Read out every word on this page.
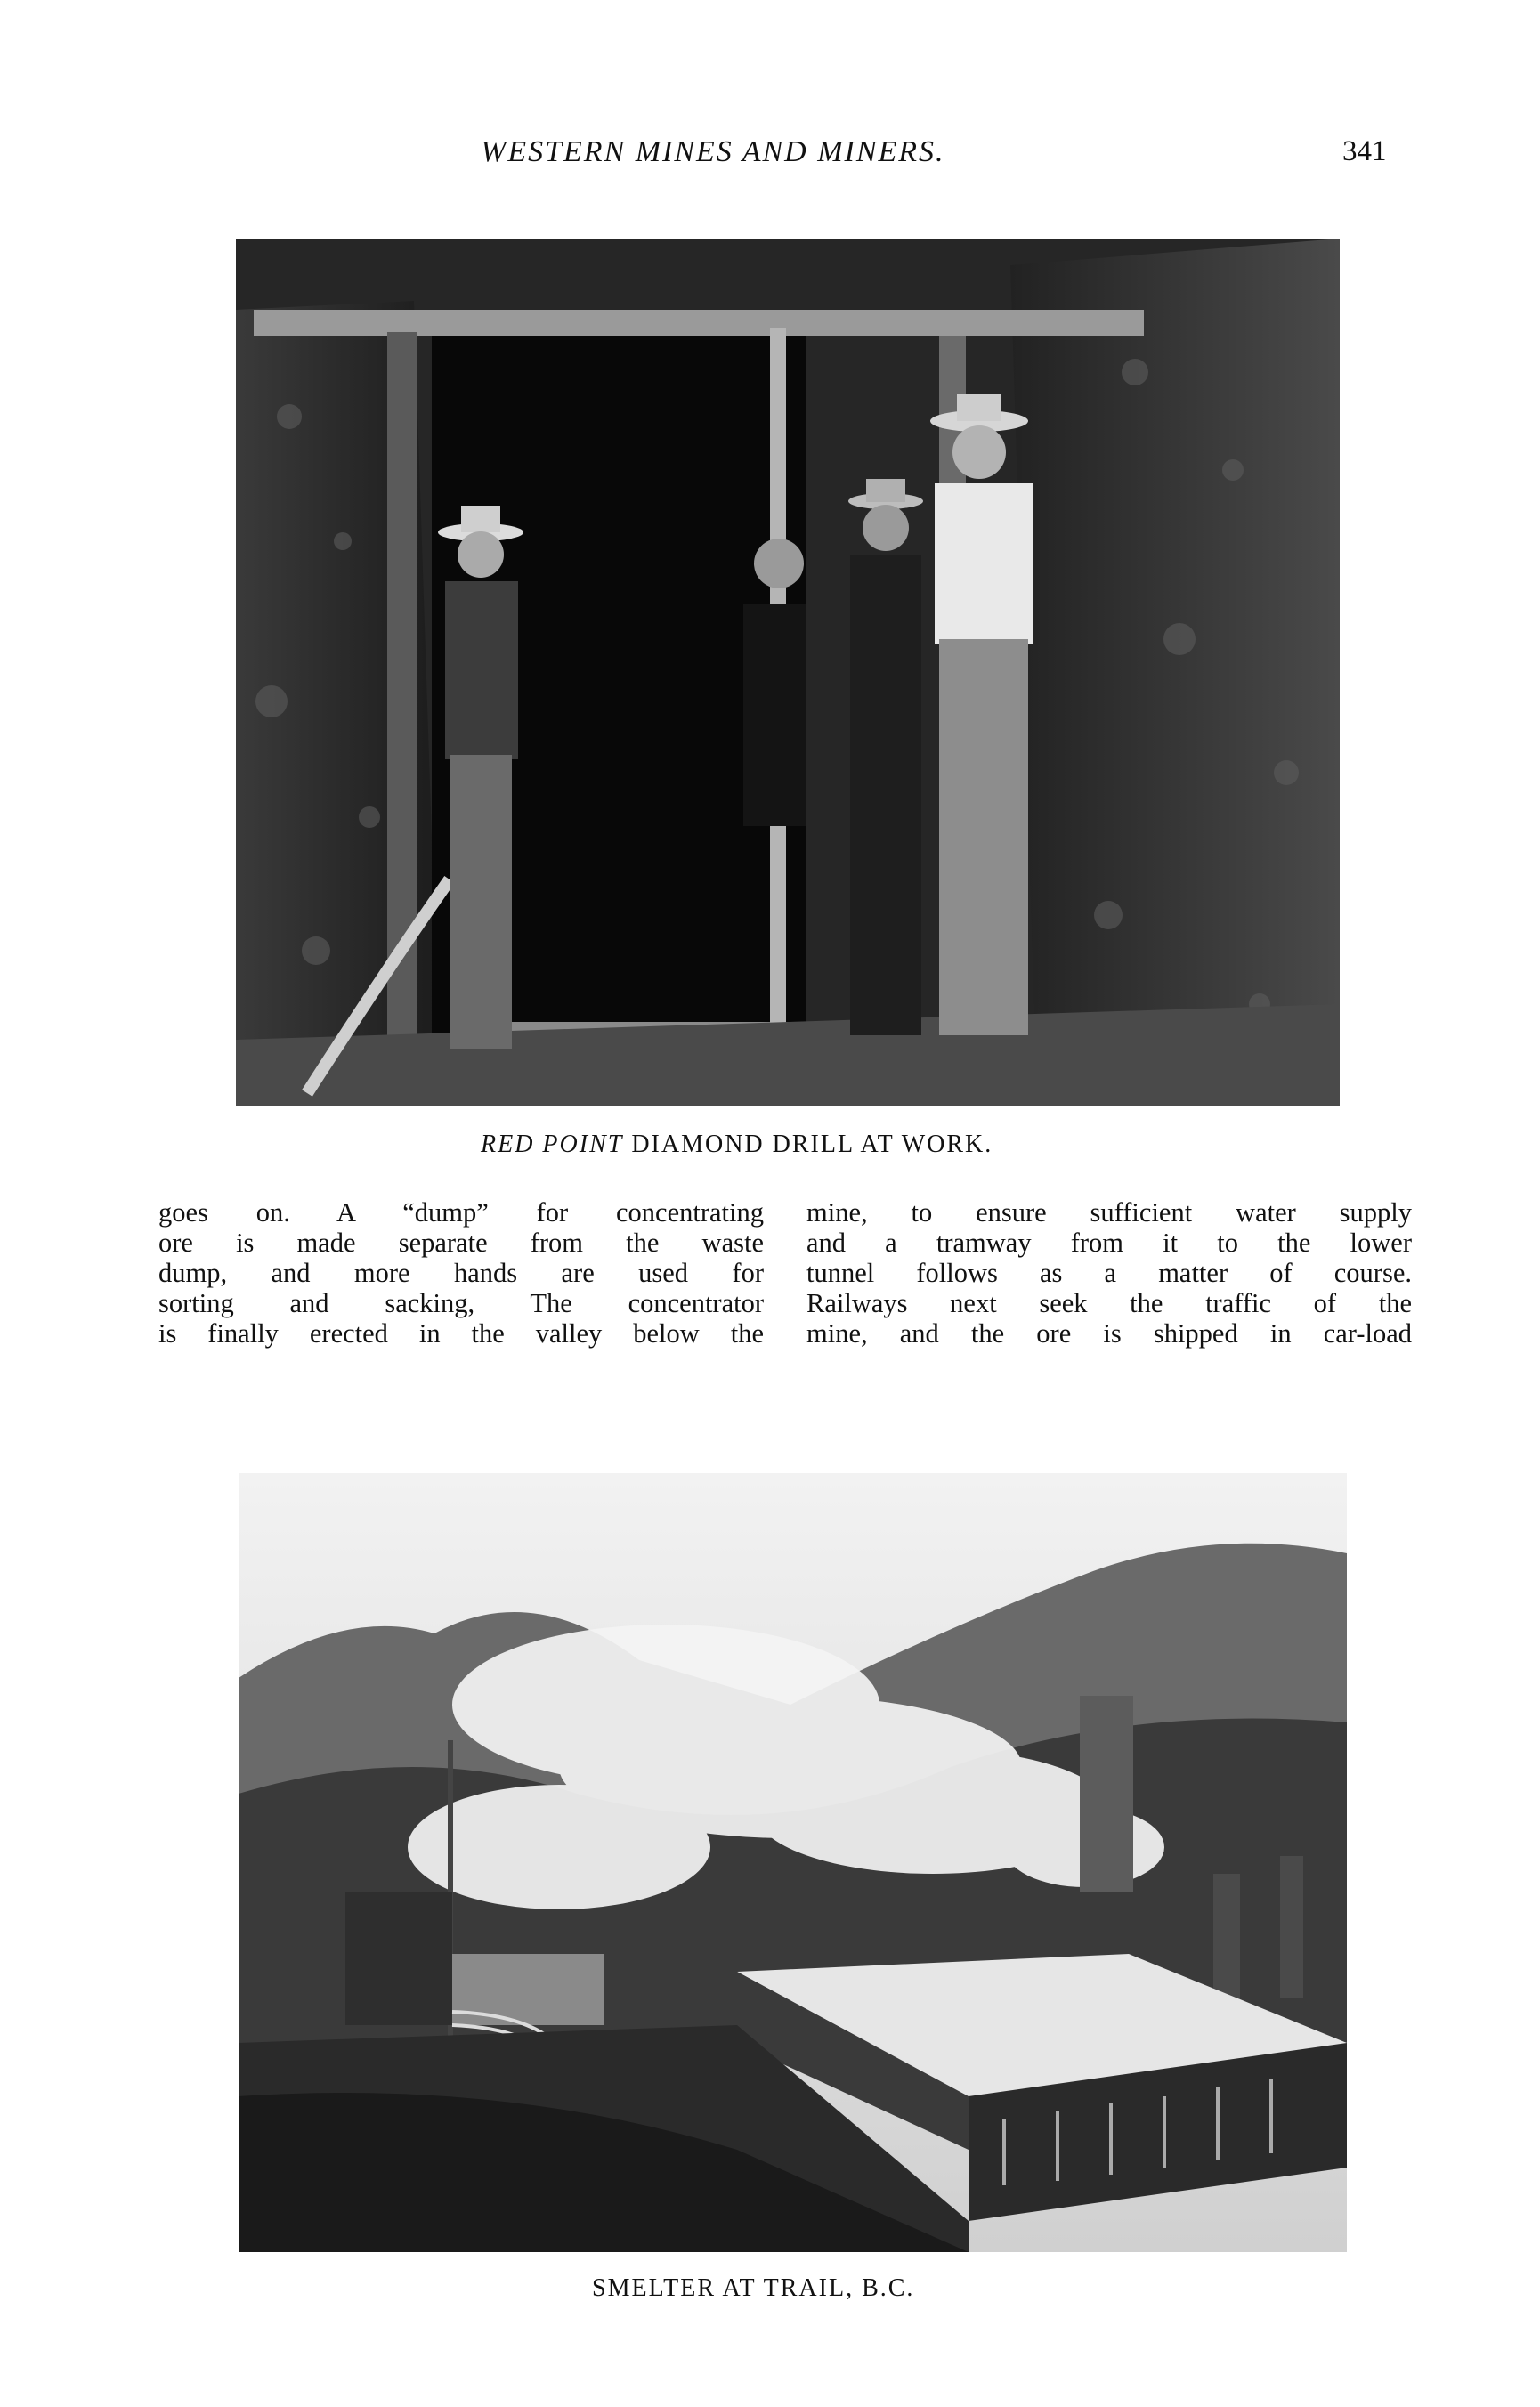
WESTERN MINES AND MINERS.	341
RED POINT DIAMOND DRILL AT WORK.
goes on. A “dump” for concentrating
ore is made separate from the waste
dump, and more hands are used for
sorting and sacking, The concentrator
is finally erected in the valley below the
mine, to ensure sufficient water supply
and a tramway from it to the lower
tunnel follows as a matter of course.
Railways next seek the traffic of the
mine, and the ore is shipped in car-load
SMELTER AT TRAIL, B.C.
